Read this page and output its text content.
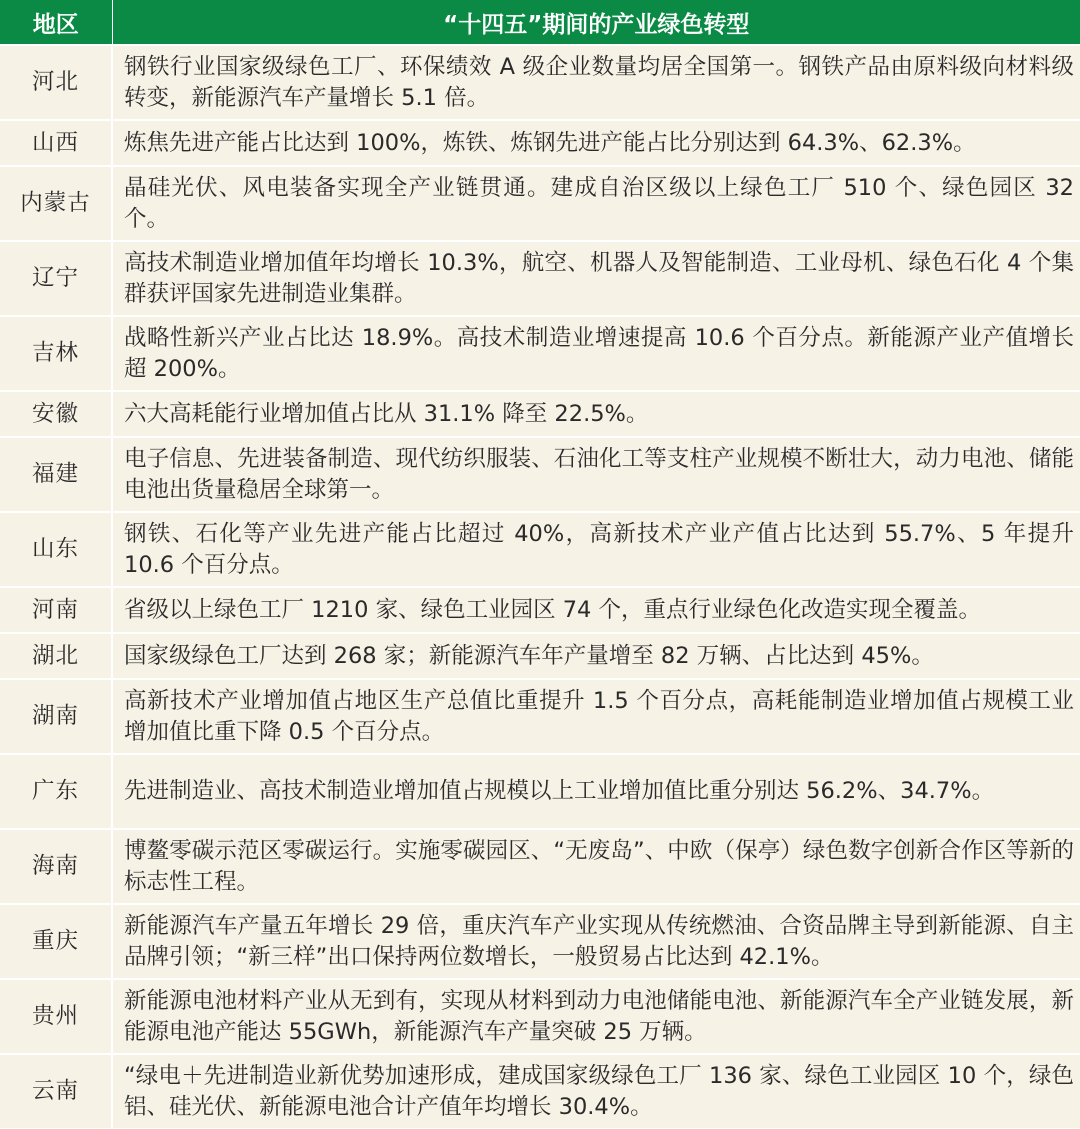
地区	“十四五”期间的产业绿色转型
河北	钢铁行业国家级绿色工厂、环保绩效 A 级企业数量均居全国第一。钢铁产品由原料级向材料级转变，新能源汽车产量增长 5.1 倍。
山西	炼焦先进产能占比达到 100%，炼铁、炼钢先进产能占比分别达到 64.3%、62.3%。
内蒙古	晶硅光伏、风电装备实现全产业链贯通。建成自治区级以上绿色工厂 510 个、绿色园区 32 个。
辽宁	高技术制造业增加值年均增长 10.3%，航空、机器人及智能制造、工业母机、绿色石化 4 个集群获评国家先进制造业集群。
吉林	战略性新兴产业占比达 18.9%。高技术制造业增速提高 10.6 个百分点。新能源产业产值增长超 200%。
安徽	六大高耗能行业增加值占比从 31.1% 降至 22.5%。
福建	电子信息、先进装备制造、现代纺织服装、石油化工等支柱产业规模不断壮大，动力电池、储能电池出货量稳居全球第一。
山东	钢铁、石化等产业先进产能占比超过 40%，高新技术产业产值占比达到 55.7%、5 年提升 10.6 个百分点。
河南	省级以上绿色工厂 1210 家、绿色工业园区 74 个，重点行业绿色化改造实现全覆盖。
湖北	国家级绿色工厂达到 268 家；新能源汽车年产量增至 82 万辆、占比达到 45%。
湖南	高新技术产业增加值占地区生产总值比重提升 1.5 个百分点，高耗能制造业增加值占规模工业增加值比重下降 0.5 个百分点。
广东	先进制造业、高技术制造业增加值占规模以上工业增加值比重分别达 56.2%、34.7%。
海南	博鳌零碳示范区零碳运行。实施零碳园区、“无废岛”、中欧（保亭）绿色数字创新合作区等新的标志性工程。
重庆	新能源汽车产量五年增长 29 倍，重庆汽车产业实现从传统燃油、合资品牌主导到新能源、自主品牌引领；“新三样”出口保持两位数增长，一般贸易占比达到 42.1%。
贵州	新能源电池材料产业从无到有，实现从材料到动力电池储能电池、新能源汽车全产业链发展，新能源电池产能达 55GWh，新能源汽车产量突破 25 万辆。
云南	“绿电＋先进制造业新优势加速形成，建成国家级绿色工厂 136 家、绿色工业园区 10 个，绿色铝、硅光伏、新能源电池合计产值年均增长 30.4%。
